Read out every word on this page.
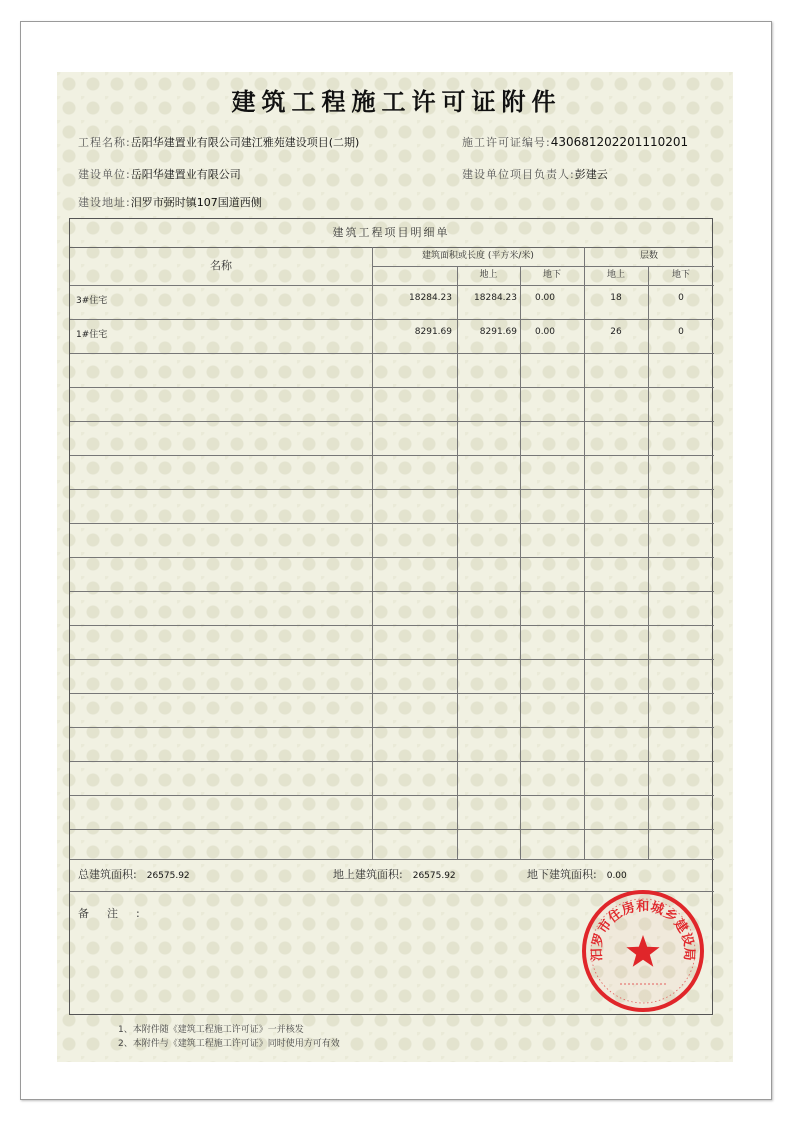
建筑工程施工许可证附件
工程名称:岳阳华建置业有限公司建江雅苑建设项目(二期)	施工许可证编号:430681202201110201
建设单位:岳阳华建置业有限公司	建设单位项目负责人:彭建云
建设地址:汨罗市弼时镇107国道西侧
建筑工程项目明细单
名称
建筑面积或长度 (平方米/米)	层数
地上	地下	地上	地下
3#住宅	18284.23	18284.23	0.00	18	0
1#住宅	8291.69	8291.69	0.00	26	0
总建筑面积: 26575.92	地上建筑面积: 26575.92	地下建筑面积: 0.00
备注:
1、本附件随《建筑工程施工许可证》一并核发
2、本附件与《建筑工程施工许可证》同时使用方可有效
汨罗市住房和城乡建设局
